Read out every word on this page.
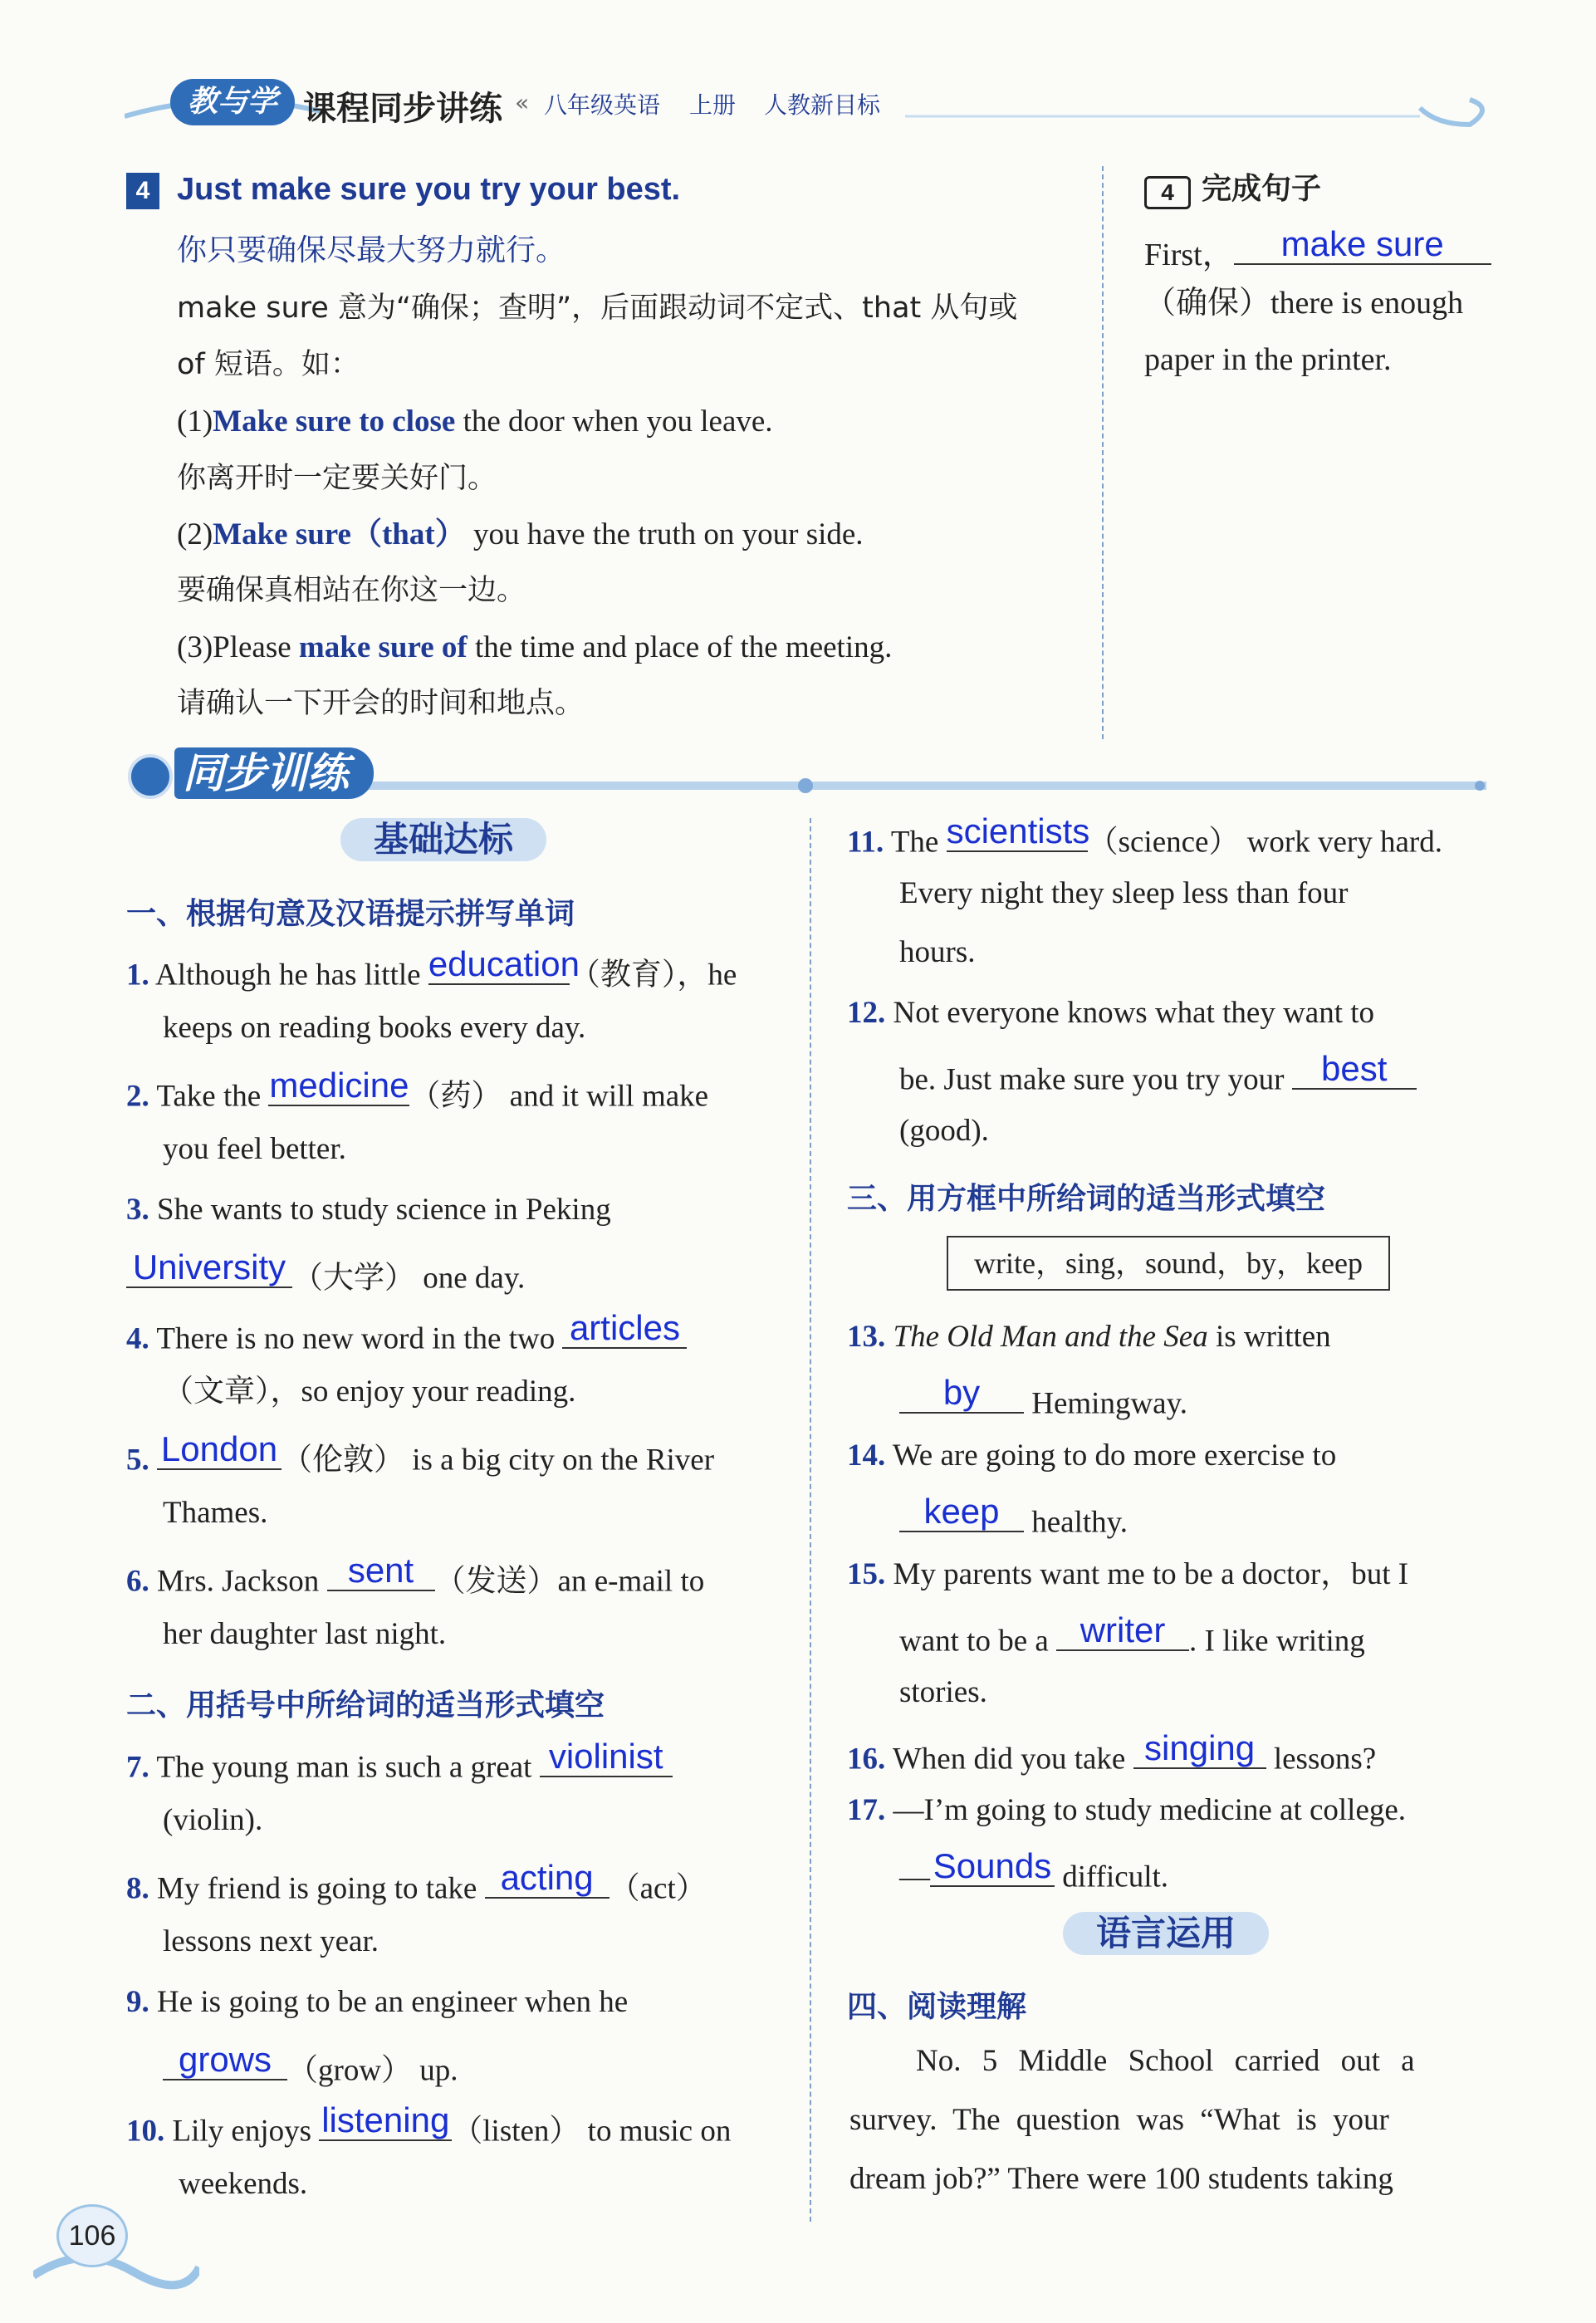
教与学 课程同步讲练 « 八年级英语 上册 人教新目标
4 Just make sure you try your best.
你只要确保尽最大努力就行。
make sure 意为“确保；查明”，后面跟动词不定式、that 从句或
of 短语。如：
(1)Make sure to close the door when you leave.
你离开时一定要关好门。
(2)Make sure（that） you have the truth on your side.
要确保真相站在你这一边。
(3)Please make sure of the time and place of the meeting.
请确认一下开会的时间和地点。
4 完成句子
First，	make sure
（确保）there is enough
paper in the printer.
同步训练
基础达标
一、根据句意及汉语提示拼写单词
1. Although he has little education
（教育），he
keeps on reading books every day.
2. Take the medicine （药） and it will make
you feel better.
3. She wants to study science in Peking
University （大学） one day.
4. There is no new word in the two articles
（文章），so enjoy your reading.
5. London （伦敦） is a big city on the River
Thames.
6. Mrs. Jackson sent （发送）an e-mail to
her daughter last night.
二、用括号中所给词的适当形式填空
7. The young man is such a great violinist
(violin).
8. My friend is going to take acting （act）
lessons next year.
9. He is going to be an engineer when he
grows （grow） up.
10. Lily enjoys listening （listen） to music on
weekends.
11. The scientists
（science） work very hard.
Every night they sleep less than four
hours.
12. Not everyone knows what they want to
be. Just make sure you try your best
(good).
三、用方框中所给词的适当形式填空
write，sing，sound，by，keep
13. The Old Man and the Sea is written
by	Hemingway.
14. We are going to do more exercise to
keep healthy.
15. My parents want me to be a doctor，but I
want to be a writer . I like writing
stories.
16. When did you take singing lessons?
17. —I’m going to study medicine at college.
— Sounds difficult.
语言运用
四、阅读理解
No. 5 Middle School carried out a
survey. The question was “What is your
dream job?” There were 100 students taking
106
